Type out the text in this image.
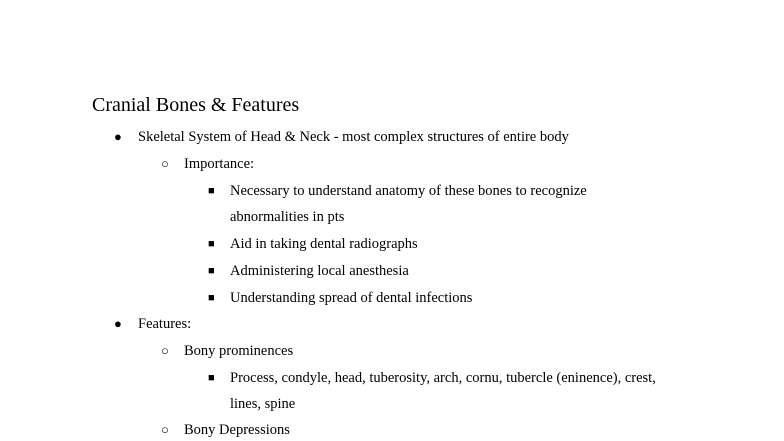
Cranial Bones & Features
● Skeletal System of Head & Neck - most complex structures of entire body
○ Importance:
■ Necessary to understand anatomy of these bones to recognize
abnormalities in pts
■ Aid in taking dental radiographs
■ Administering local anesthesia
■ Understanding spread of dental infections
● Features:
○ Bony prominences
■ Process, condyle, head, tuberosity, arch, cornu, tubercle (eninence), crest,
lines, spine
○ Bony Depressions
